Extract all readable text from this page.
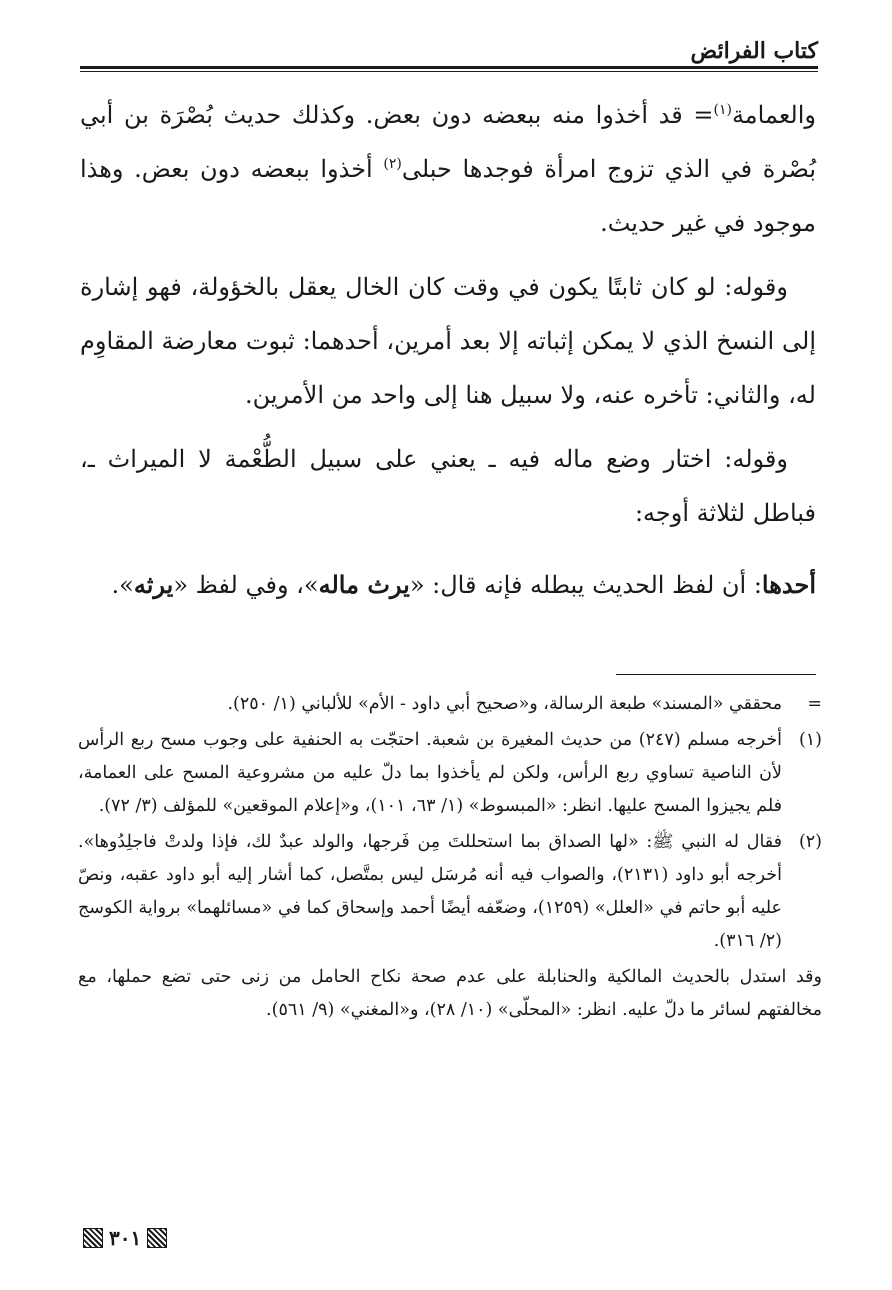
كتاب الفرائض

والعمامة$^{(١)}$= قد أخذوا منه ببعضه دون بعض. وكذلك حديث بُصْرَة بن أبي بُصْرة في الذي تزوج امرأة فوجدها حبلى$^{(٢)}$ أخذوا ببعضه دون بعض. وهذا موجود في غير حديث.

وقوله: لو كان ثابتًا يكون في وقت كان الخال يعقل بالخؤولة، فهو إشارة إلى النسخ الذي لا يمكن إثباته إلا بعد أمرين، أحدهما: ثبوت معارضة المقاوِم له، والثاني: تأخره عنه، ولا سبيل هنا إلى واحد من الأمرين.

وقوله: اختار وضع ماله فيه ـ يعني على سبيل الطُّعْمة لا الميراث ـ، فباطل لثلاثة أوجه:

أحدها: أن لفظ الحديث يبطله فإنه قال: «يرث ماله»، وفي لفظ «يرثه».

=
محققي «المسند» طبعة الرسالة، و«صحيح أبي داود - الأم» للألباني (١/ ٢٥٠).
(١)
أخرجه مسلم (٢٤٧) من حديث المغيرة بن شعبة. احتجّت به الحنفية على وجوب مسح ربع الرأس لأن الناصية تساوي ربع الرأس، ولكن لم يأخذوا بما دلّ عليه من مشروعية المسح على العمامة، فلم يجيزوا المسح عليها. انظر: «المبسوط» (١/ ٦٣، ١٠١)، و«إعلام الموقعين» للمؤلف (٣/ ٧٢).
(٢)
فقال له النبي ﷺ: «لها الصداق بما استحللتَ مِن فَرجها، والولد عبدٌ لك، فإذا ولدتْ فاجلِدُوها». أخرجه أبو داود (٢١٣١)، والصواب فيه أنه مُرسَل ليس بمتَّصل، كما أشار إليه أبو داود عقبه، ونصّ عليه أبو حاتم في «العلل» (١٢٥٩)، وضعّفه أيضًا أحمد وإسحاق كما في «مسائلهما» برواية الكوسج (٢/ ٣١٦).

وقد استدل بالحديث المالكية والحنابلة على عدم صحة نكاح الحامل من زنى حتى تضع حملها، مع مخالفتهم لسائر ما دلّ عليه. انظر: «المحلّى» (١٠/ ٢٨)، و«المغني» (٩/ ٥٦١).

٣٠١
